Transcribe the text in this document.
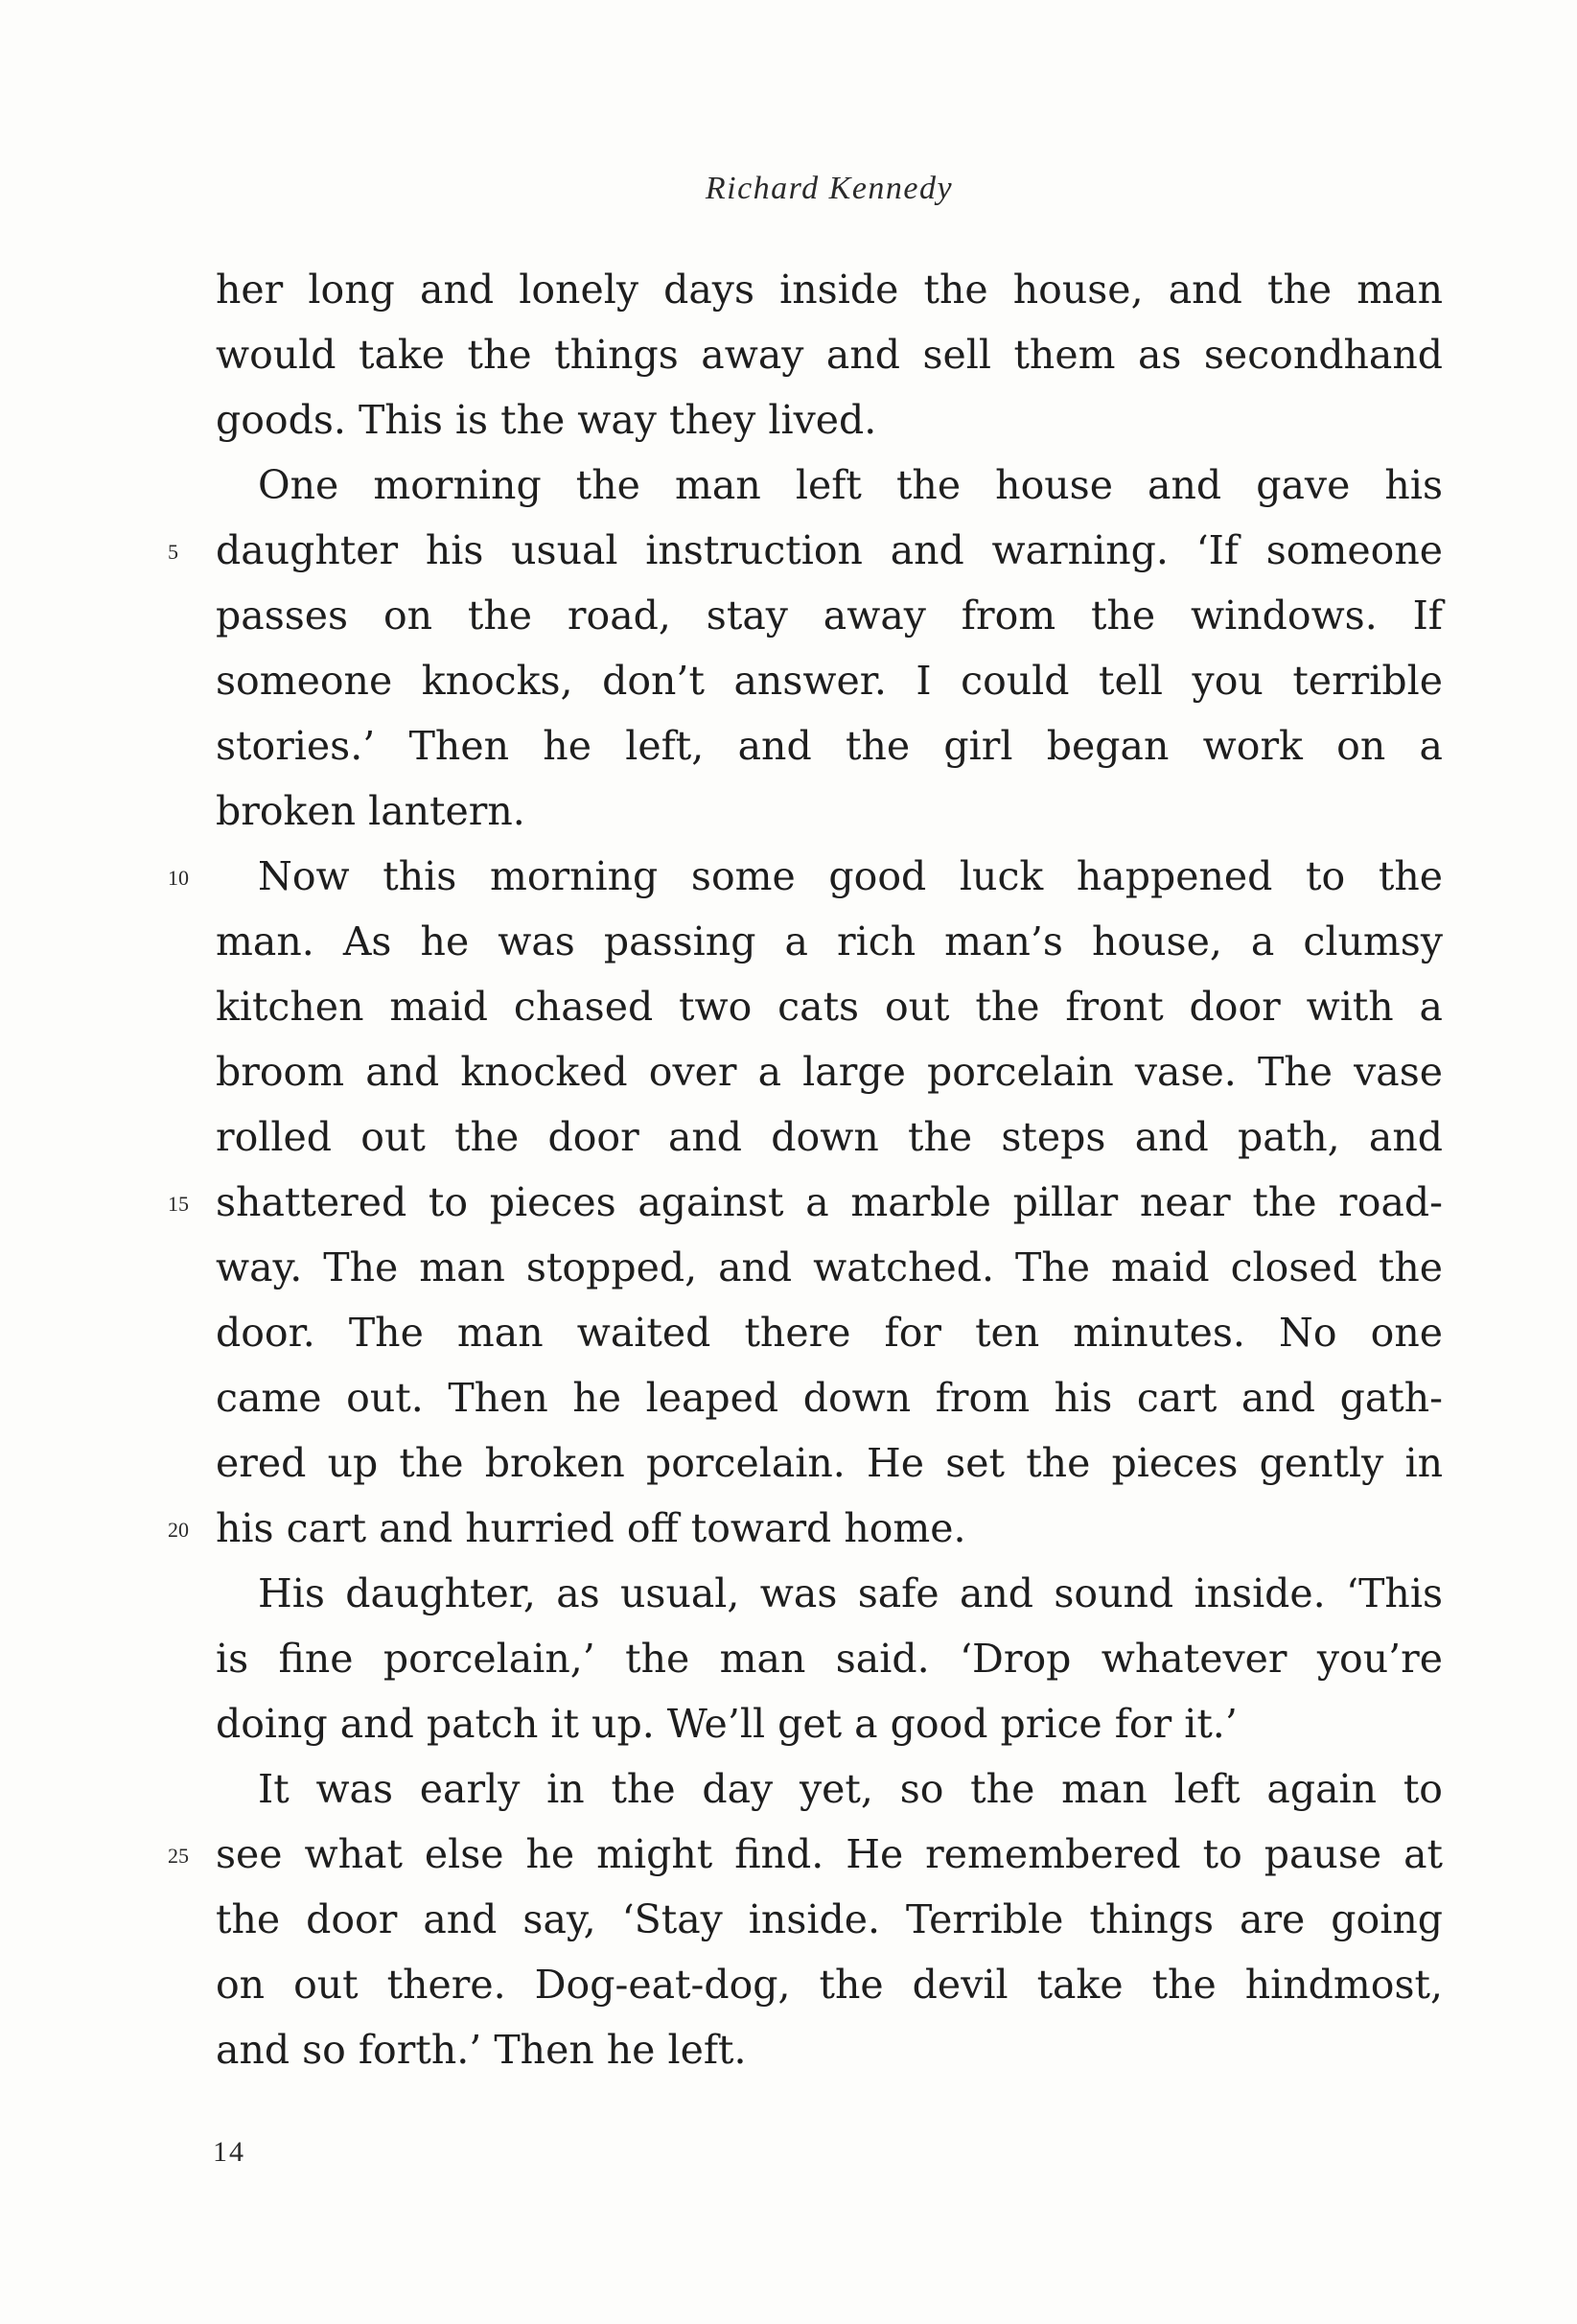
Richard Kennedy
her long and lonely days inside the house, and the man
would take the things away and sell them as secondhand
goods. This is the way they lived.
One morning the man left the house and gave his
5 daughter his usual instruction and warning. ‘If someone
passes on the road, stay away from the windows. If
someone knocks, don’t answer. I could tell you terrible
stories.’ Then he left, and the girl began work on a
broken lantern.
10 Now this morning some good luck happened to the
man. As he was passing a rich man’s house, a clumsy
kitchen maid chased two cats out the front door with a
broom and knocked over a large porcelain vase. The vase
rolled out the door and down the steps and path, and
15 shattered to pieces against a marble pillar near the road-
way. The man stopped, and watched. The maid closed the
door. The man waited there for ten minutes. No one
came out. Then he leaped down from his cart and gath-
ered up the broken porcelain. He set the pieces gently in
20 his cart and hurried off toward home.
His daughter, as usual, was safe and sound inside. ‘This
is fine porcelain,’ the man said. ‘Drop whatever you’re
doing and patch it up. We’ll get a good price for it.’
It was early in the day yet, so the man left again to
25 see what else he might find. He remembered to pause at
the door and say, ‘Stay inside. Terrible things are going
on out there. Dog-eat-dog, the devil take the hindmost,
and so forth.’ Then he left.
14
